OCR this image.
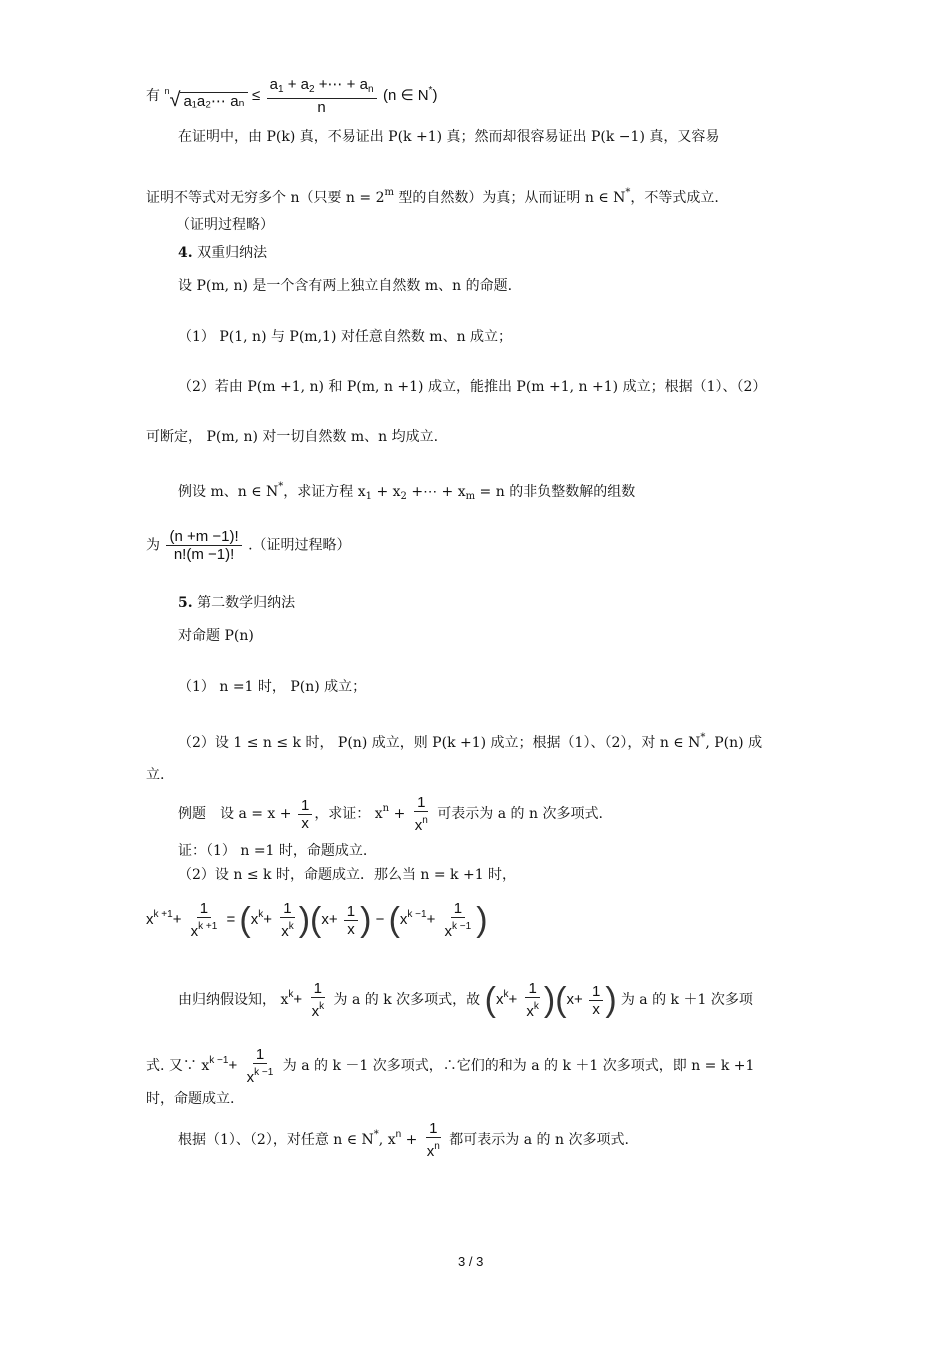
有 $^n$√ a₁a₂⋯ $a_n \le \frac{a_1 + a_2 +\cdots + a_n}{n} (n$ ∈ N*)
在证明中，由 P(k) 真，不易证出 P(k +1) 真；然而却很容易证出 P(k −1) 真，又容易
证明不等式对无穷多个 n（只要 $n = 2^m$ 型的自然数）为真；从而证明 n ∈ N*，不等式成立.
（证明过程略）
4. 双重归纳法
设 P(m, n) 是一个含有两上独立自然数 m、n 的命题.
（1） P(1, n) 与 P(m,1) 对任意自然数 m、n 成立；
（2）若由 P(m +1, n) 和 P(m, n +1) 成立，能推出 P(m +1, n +1) 成立；根据（1）、（2）
可断定， P(m, n) 对一切自然数 m、n 均成立.
例设 m、n ∈ N*，求证方程 $x_1 + x_2$ +⋯ + $x_m = n$ 的非负整数解的组数
为 $\frac{(n +m -1)!}{n!(m -1)!}$ .（证明过程略）
5. 第二数学归纳法
对命题 P(n)
（1） n =1 时， P(n) 成立；
（2）设 1 ≤ n ≤ k 时， P(n) 成立，则 P(k +1) 成立；根据（1）、（2），对 n ∈ N*, P(n) 成
立.
例题　设 $a = x + \frac{1}{x}$ ，求证： $x^n + \frac{1}{x^n}$ 可表示为 a 的 n 次多项式.
证：（1） n =1 时，命题成立.
（2）设 n ≤ k 时，命题成立．那么当 n = k +1 时，
$x^{k +1}+ \frac{1}{x^{k +1}} = (x^k+ \frac{1}{x^k} )(x+ \frac{1}{x}$ ) − ($x^{k -1}+ \frac{1}{x^{k -1}}$ )
由归纳假设知， $x^k+ \frac{1}{x^k}$ 为 a 的 k 次多项式，故 $(x^k+ \frac{1}{x^k} )(x+ \frac{1}{x}$ ) 为 a 的 k ＋1 次多项
式. 又∵ $x^{k -1}+ \frac{1}{x^{k -1}}$ 为 a 的 k －1 次多项式，∴它们的和为 a 的 k ＋1 次多项式，即 n = k +1
时，命题成立.
根据（1）、（2），对任意 n ∈ N*, $x^n + \frac{1}{x^n}$ 都可表示为 a 的 n 次多项式.
3 / 3
